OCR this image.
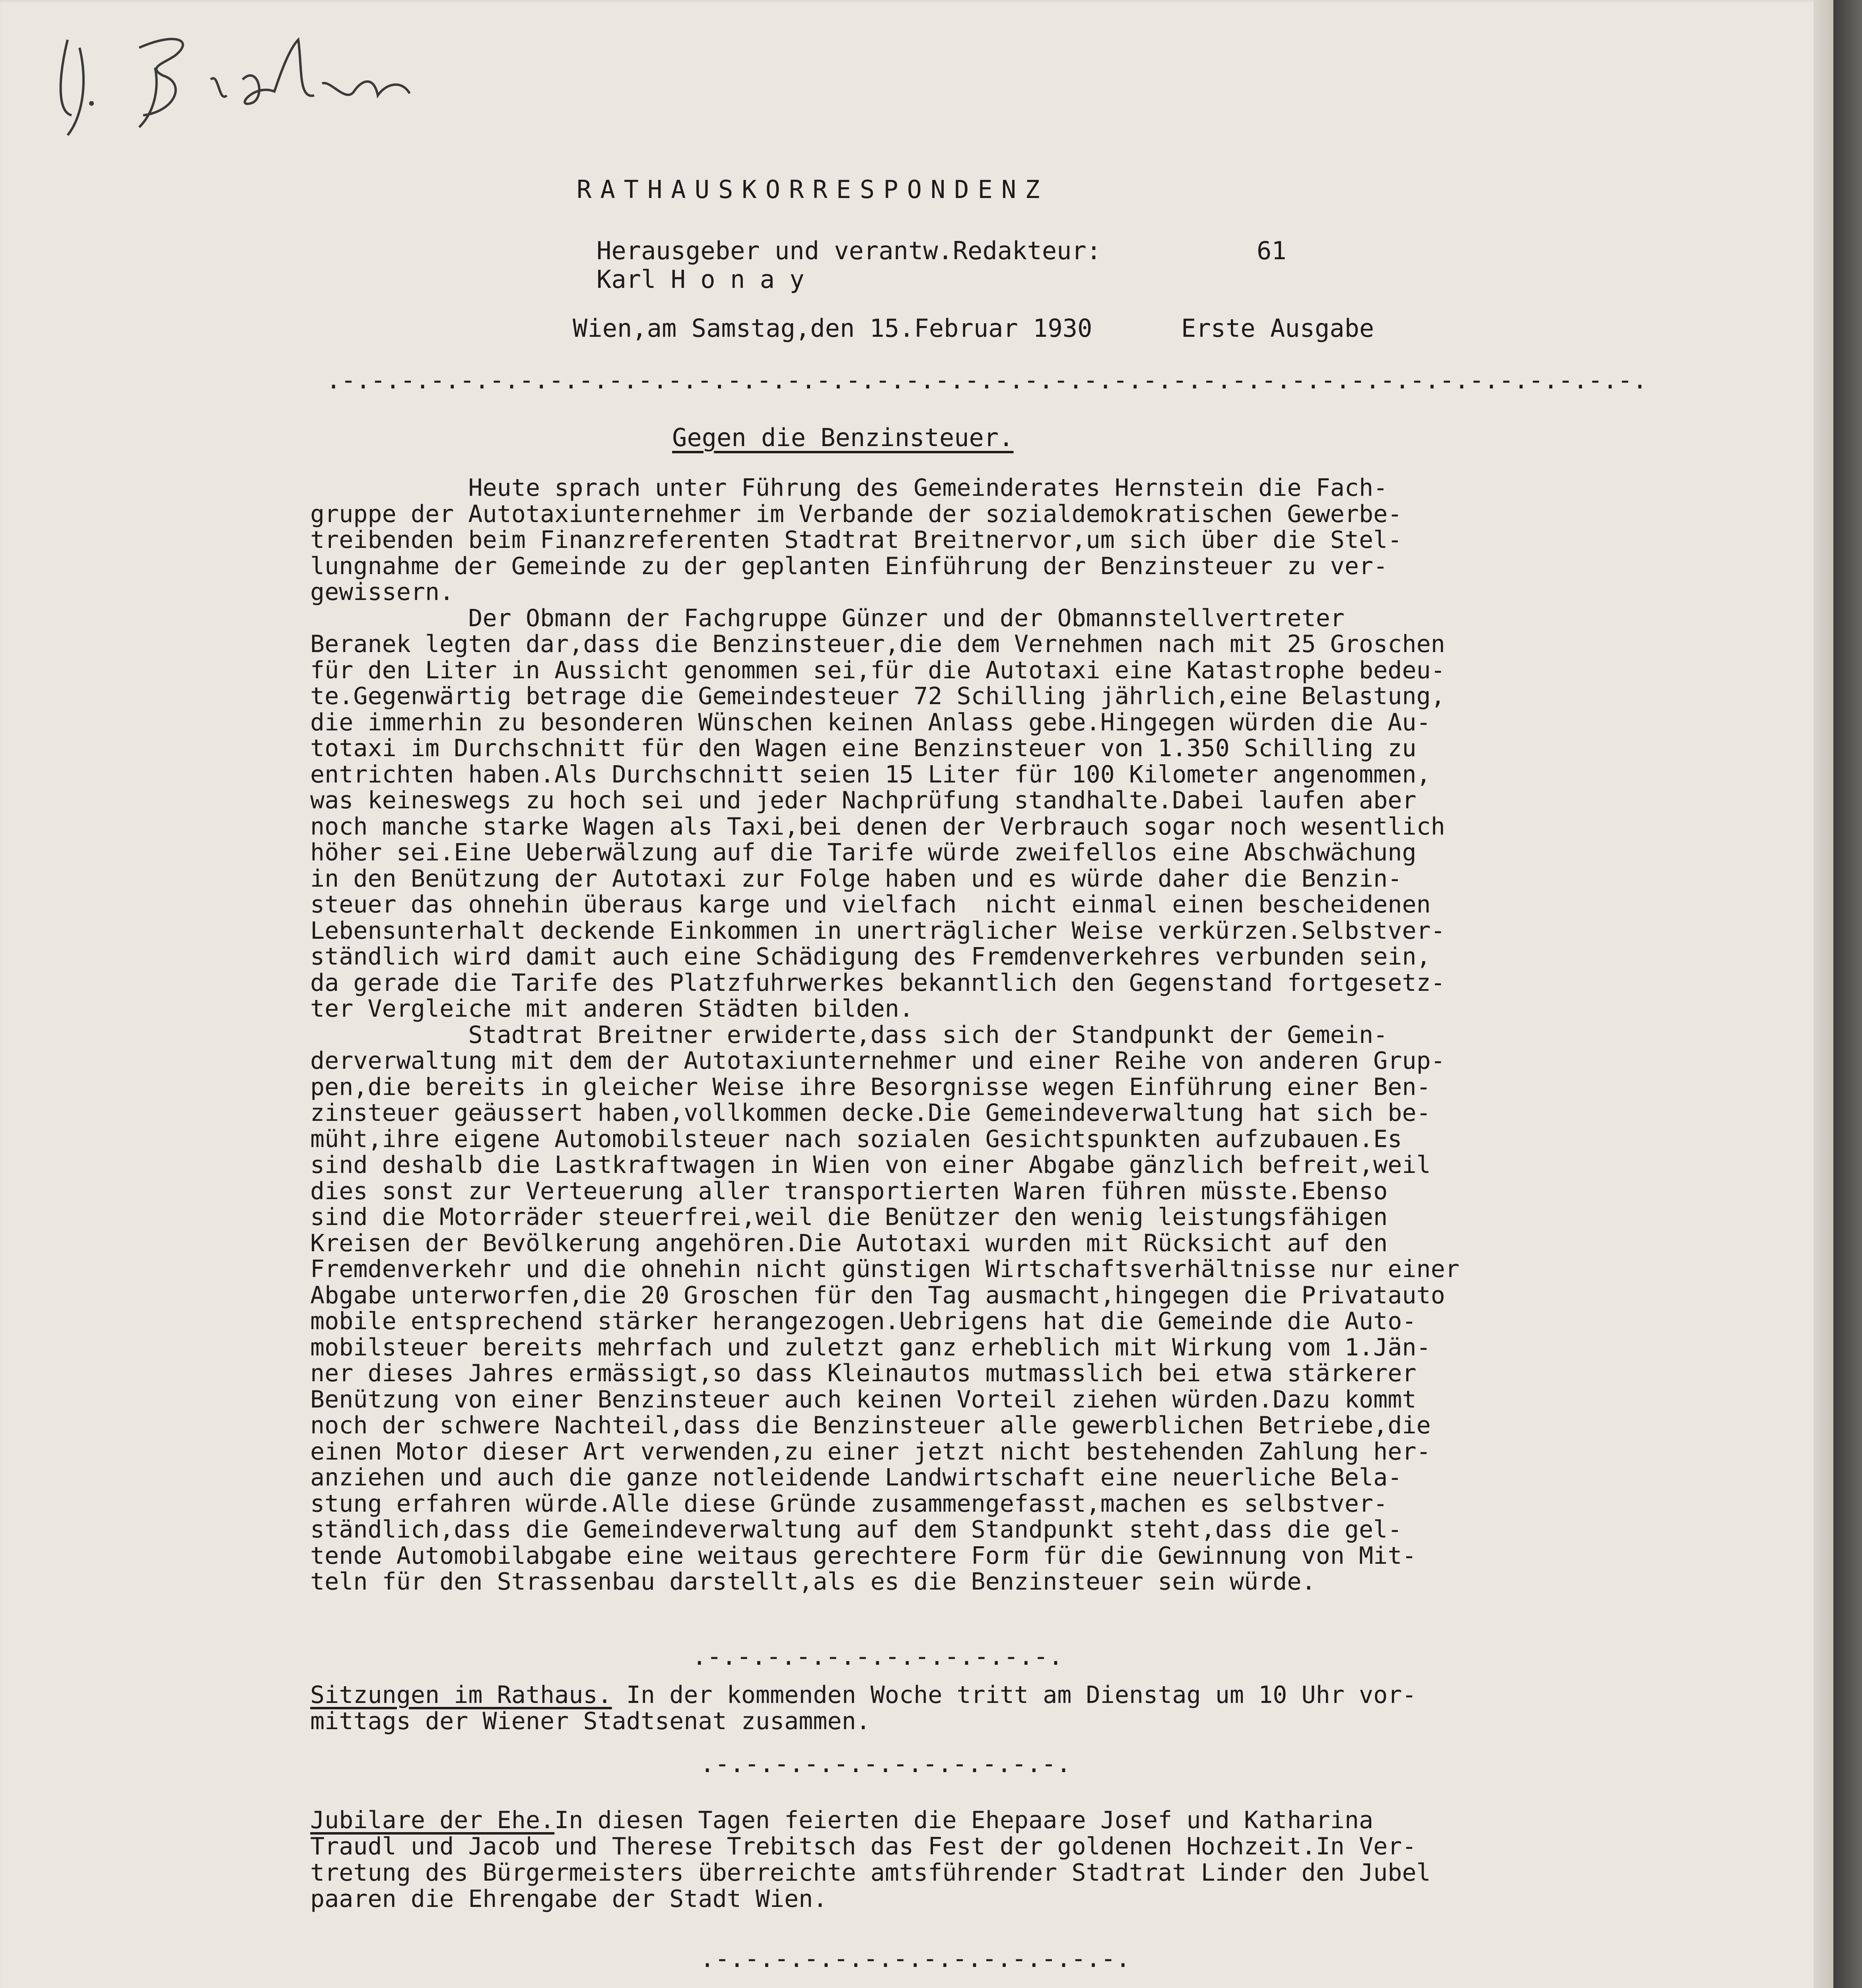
RATHAUSKORRESPONDENZ
Herausgeber und verantw.Redakteur:
Karl H o n a y
61
Wien,am Samstag,den 15.Februar 1930	Erste Ausgabe
.-.-.-.-.-.-.-.-.-.-.-.-.-.-.-.-.-.-.-.-.-.-.-.-.-.-.-.-.-.-.-.-.-.-.-.-.-.-.-.-.-.-.-.-.
Gegen die Benzinsteuer.
Heute sprach unter Führung des Gemeinderates Hernstein die Fach-
gruppe der Autotaxiunternehmer im Verbande der sozialdemokratischen Gewerbe-
treibenden beim Finanzreferenten Stadtrat Breitnervor,um sich über die Stel-
lungnahme der Gemeinde zu der geplanten Einführung der Benzinsteuer zu ver-
gewissern.
Der Obmann der Fachgruppe Günzer und der Obmannstellvertreter
Beranek legten dar,dass die Benzinsteuer,die dem Vernehmen nach mit 25 Groschen
für den Liter in Aussicht genommen sei,für die Autotaxi eine Katastrophe bedeu-
te.Gegenwärtig betrage die Gemeindesteuer 72 Schilling jährlich,eine Belastung,
die immerhin zu besonderen Wünschen keinen Anlass gebe.Hingegen würden die Au-
totaxi im Durchschnitt für den Wagen eine Benzinsteuer von 1.350 Schilling zu
entrichten haben.Als Durchschnitt seien 15 Liter für 100 Kilometer angenommen,
was keineswegs zu hoch sei und jeder Nachprüfung standhalte.Dabei laufen aber
noch manche starke Wagen als Taxi,bei denen der Verbrauch sogar noch wesentlich
höher sei.Eine Ueberwälzung auf die Tarife würde zweifellos eine Abschwächung
in den Benützung der Autotaxi zur Folge haben und es würde daher die Benzin-
steuer das ohnehin überaus karge und vielfach  nicht einmal einen bescheidenen
Lebensunterhalt deckende Einkommen in unerträglicher Weise verkürzen.Selbstver-
ständlich wird damit auch eine Schädigung des Fremdenverkehres verbunden sein,
da gerade die Tarife des Platzfuhrwerkes bekanntlich den Gegenstand fortgesetz-
ter Vergleiche mit anderen Städten bilden.
Stadtrat Breitner erwiderte,dass sich der Standpunkt der Gemein-
derverwaltung mit dem der Autotaxiunternehmer und einer Reihe von anderen Grup-
pen,die bereits in gleicher Weise ihre Besorgnisse wegen Einführung einer Ben-
zinsteuer geäussert haben,vollkommen decke.Die Gemeindeverwaltung hat sich be-
müht,ihre eigene Automobilsteuer nach sozialen Gesichtspunkten aufzubauen.Es
sind deshalb die Lastkraftwagen in Wien von einer Abgabe gänzlich befreit,weil
dies sonst zur Verteuerung aller transportierten Waren führen müsste.Ebenso
sind die Motorräder steuerfrei,weil die Benützer den wenig leistungsfähigen
Kreisen der Bevölkerung angehören.Die Autotaxi wurden mit Rücksicht auf den
Fremdenverkehr und die ohnehin nicht günstigen Wirtschaftsverhältnisse nur einer
Abgabe unterworfen,die 20 Groschen für den Tag ausmacht,hingegen die Privatauto
mobile entsprechend stärker herangezogen.Uebrigens hat die Gemeinde die Auto-
mobilsteuer bereits mehrfach und zuletzt ganz erheblich mit Wirkung vom 1.Jän-
ner dieses Jahres ermässigt,so dass Kleinautos mutmasslich bei etwa stärkerer
Benützung von einer Benzinsteuer auch keinen Vorteil ziehen würden.Dazu kommt
noch der schwere Nachteil,dass die Benzinsteuer alle gewerblichen Betriebe,die
einen Motor dieser Art verwenden,zu einer jetzt nicht bestehenden Zahlung her-
anziehen und auch die ganze notleidende Landwirtschaft eine neuerliche Bela-
stung erfahren würde.Alle diese Gründe zusammengefasst,machen es selbstver-
ständlich,dass die Gemeindeverwaltung auf dem Standpunkt steht,dass die gel-
tende Automobilabgabe eine weitaus gerechtere Form für die Gewinnung von Mit-
teln für den Strassenbau darstellt,als es die Benzinsteuer sein würde.
.-.-.-.-.-.-.-.-.-.-.-.-.
Sitzungen im Rathaus. In der kommenden Woche tritt am Dienstag um 10 Uhr vor-
mittags der Wiener Stadtsenat zusammen.
.-.-.-.-.-.-.-.-.-.-.-.-.
Jubilare der Ehe.In diesen Tagen feierten die Ehepaare Josef und Katharina
Traudl und Jacob und Therese Trebitsch das Fest der goldenen Hochzeit.In Ver-
tretung des Bürgermeisters überreichte amtsführender Stadtrat Linder den Jubel
paaren die Ehrengabe der Stadt Wien.
.-.-.-.-.-.-.-.-.-.-.-.-.-.-.
